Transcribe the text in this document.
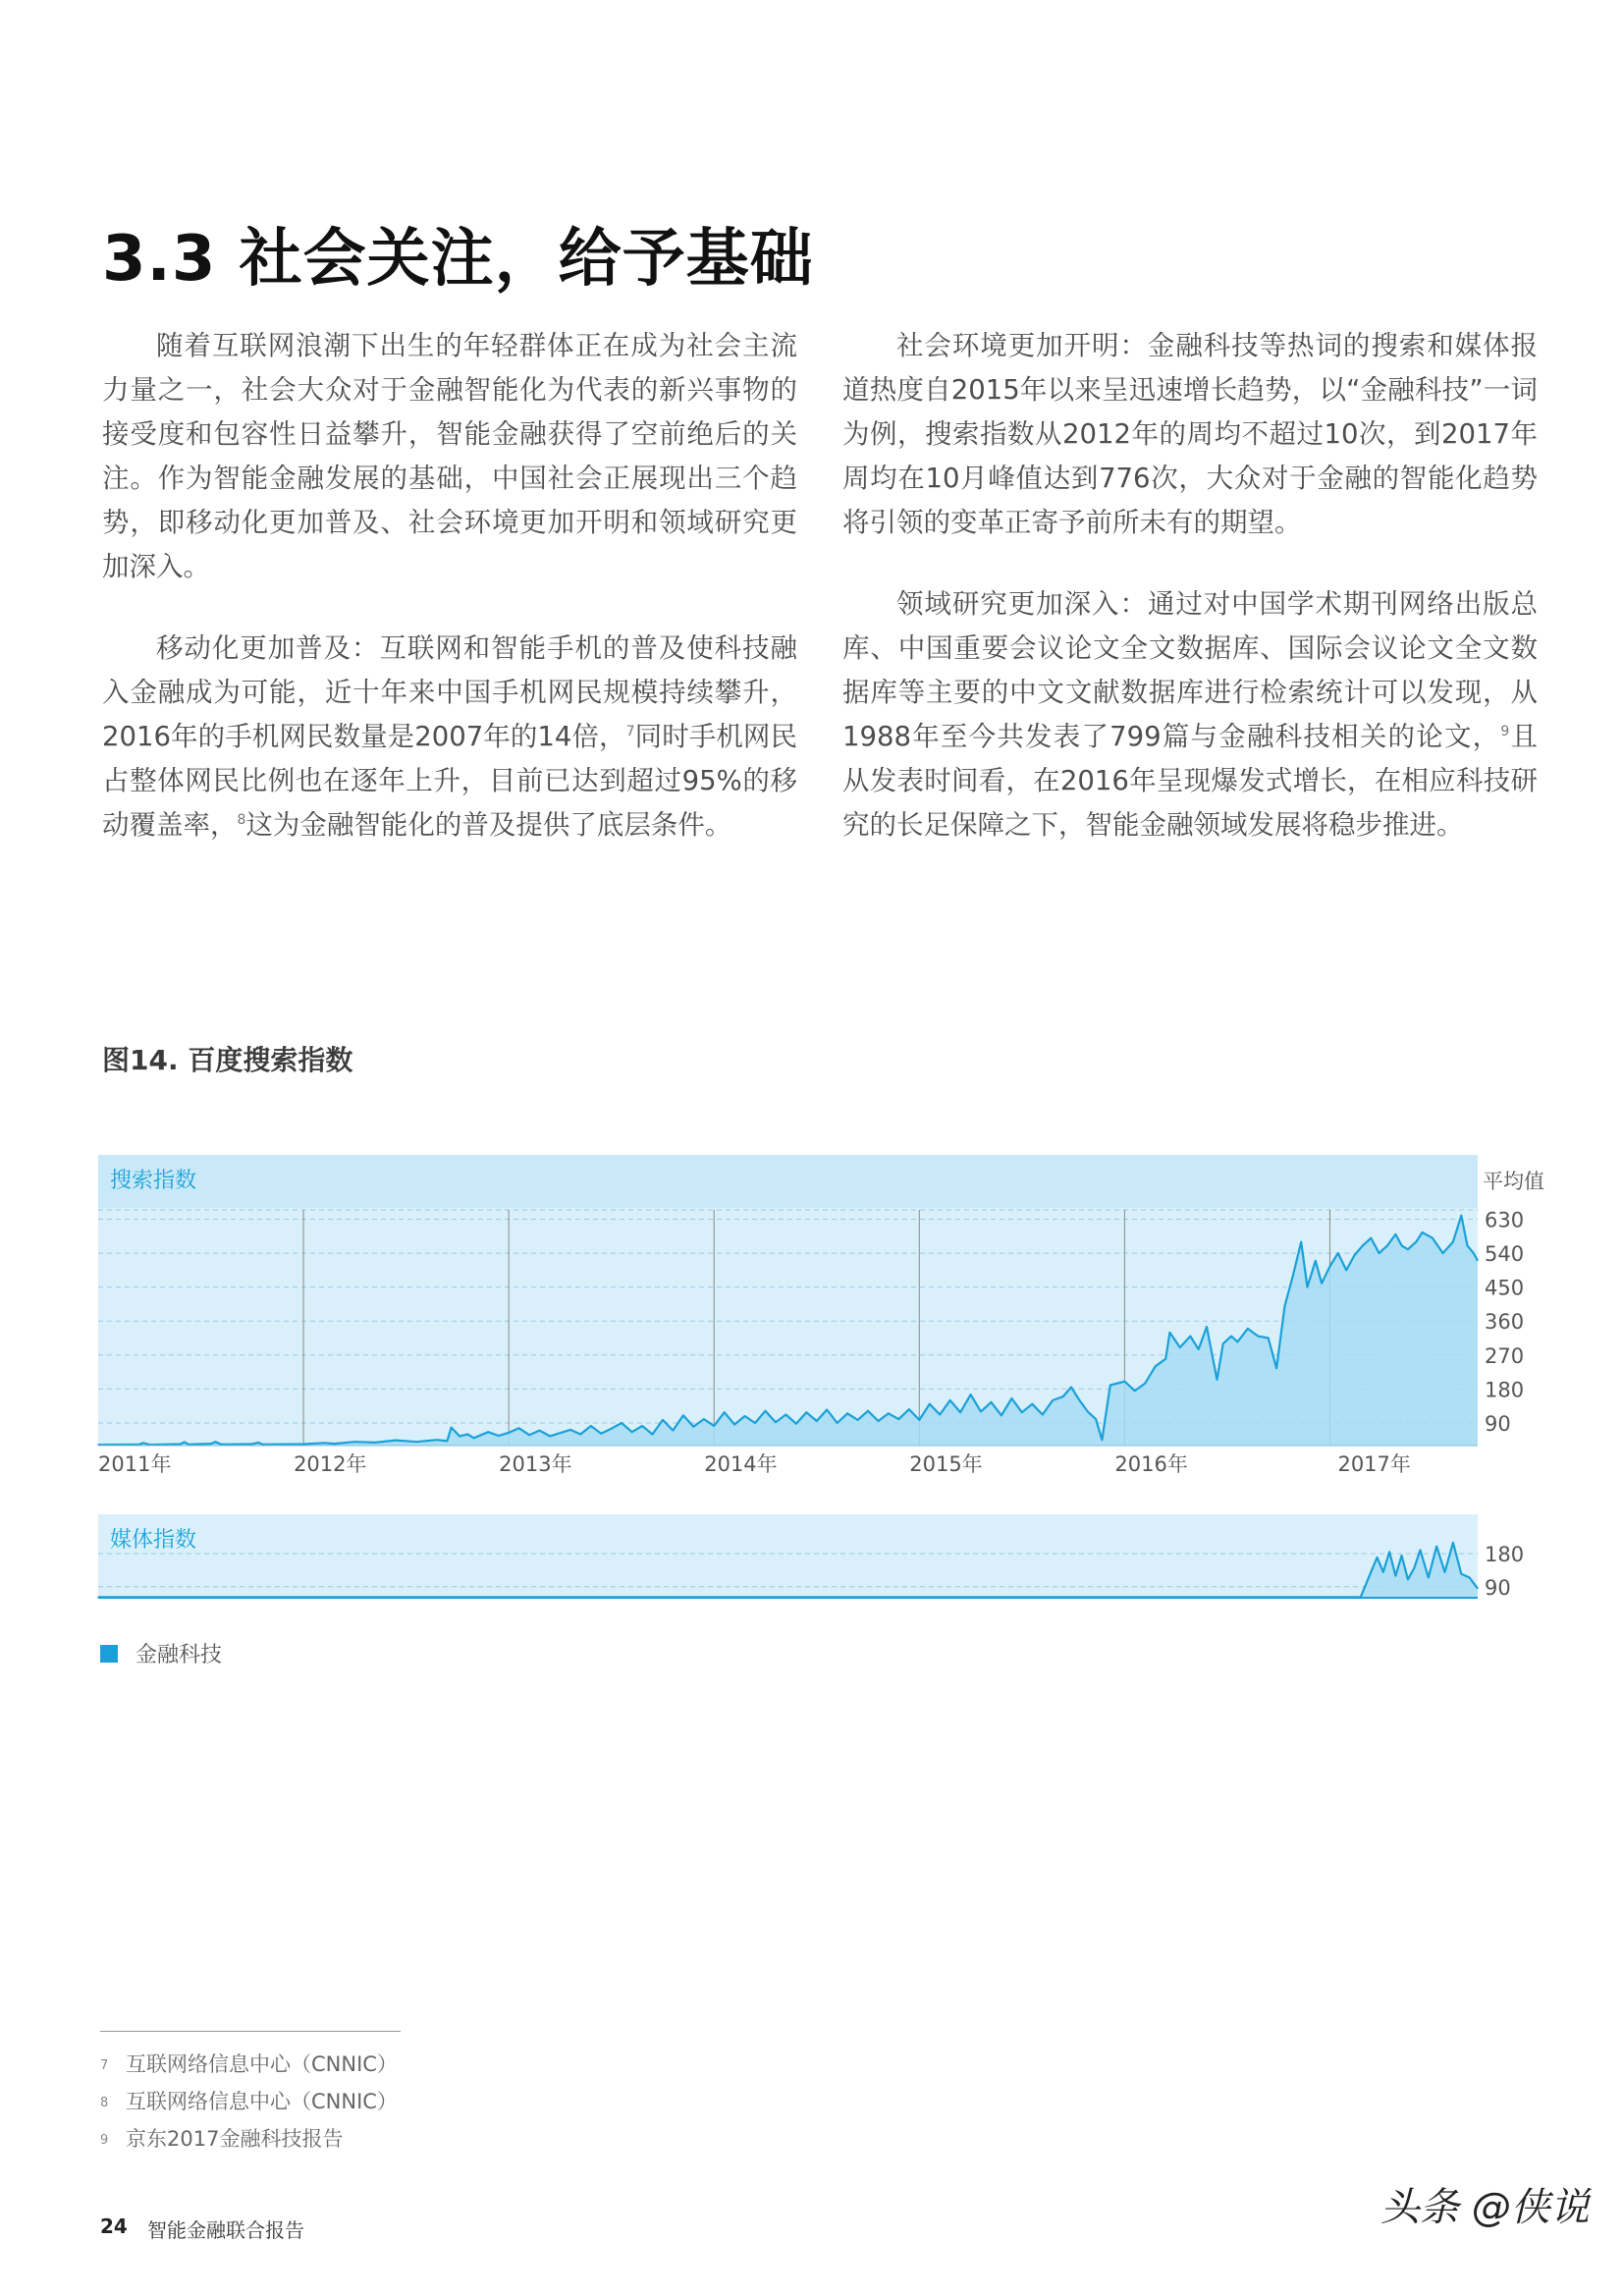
3.3 社会关注，给予基础

随着互联网浪潮下出生的年轻群体正在成为社会主流力量之一，社会大众对于金融智能化为代表的新兴事物的接受度和包容性日益攀升，智能金融获得了空前绝后的关注。作为智能金融发展的基础，中国社会正展现出三个趋势，即移动化更加普及、社会环境更加开明和领域研究更加深入。

移动化更加普及：互联网和智能手机的普及使科技融入金融成为可能，近十年来中国手机网民规模持续攀升，2016年的手机网民数量是2007年的14倍，$^7$同时手机网民占整体网民比例也在逐年上升，目前已达到超过95%的移动覆盖率，$^8$这为金融智能化的普及提供了底层条件。

社会环境更加开明：金融科技等热词的搜索和媒体报道热度自2015年以来呈迅速增长趋势，以“金融科技”一词为例，搜索指数从2012年的周均不超过10次，到2017年周均在10月峰值达到776次，大众对于金融的智能化趋势将引领的变革正寄予前所未有的期望。

领域研究更加深入：通过对中国学术期刊网络出版总库、中国重要会议论文全文数据库、国际会议论文全文数据库等主要的中文文献数据库进行检索统计可以发现，从1988年至今共发表了799篇与金融科技相关的论文，$^9$且从发表时间看，在2016年呈现爆发式增长，在相应科技研究的长足保障之下，智能金融领域发展将稳步推进。

图14. 百度搜索指数
搜索指数	平均值
90
180
270
360
450
540
630
2011年	2012年	2013年	2014年	2015年	2016年	2017年
媒体指数
90
180
金融科技
7 互联网络信息中心（CNNIC）
8 互联网络信息中心（CNNIC）
9 京东2017金融科技报告
24 智能金融联合报告	头条 @侠说
